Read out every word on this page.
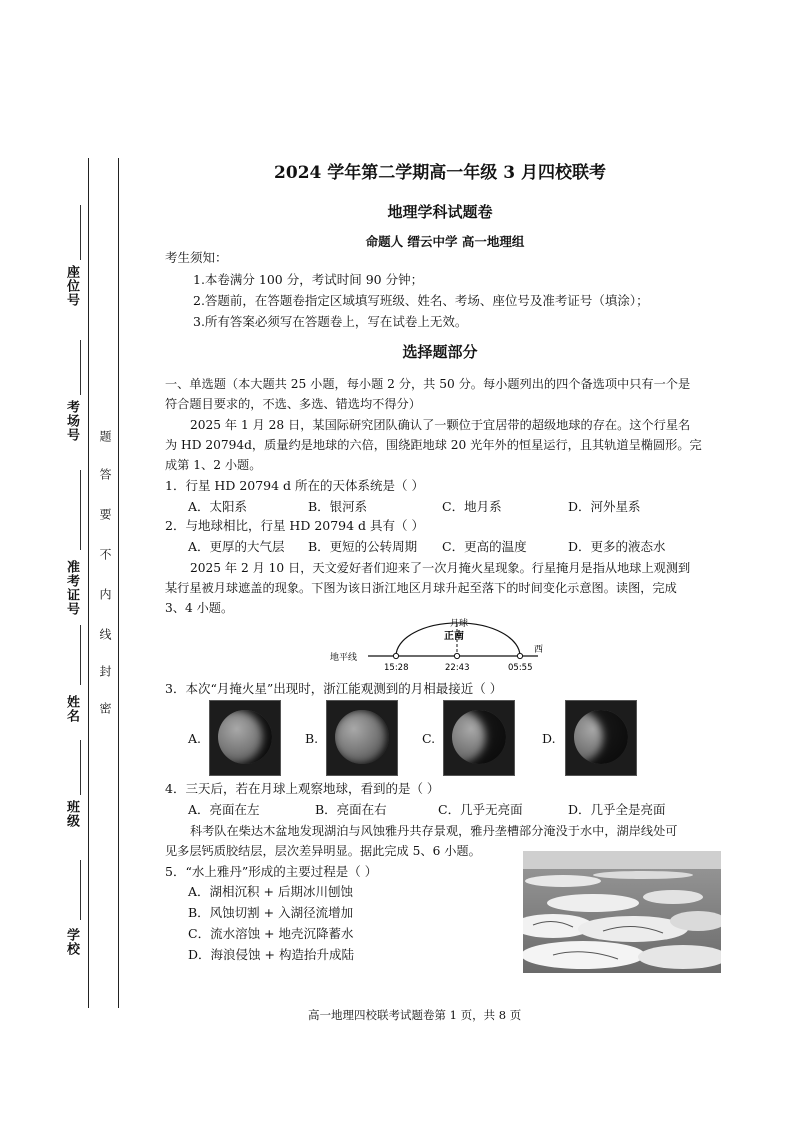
座位号
考场号
准考证号
姓名
班级
学校
题
答
要
不
内
线
封
密
2024 学年第二学期高一年级 3 月四校联考
地理学科试题卷
命题人 缙云中学 高一地理组
考生须知：
1.本卷满分 100 分，考试时间 90 分钟；
2.答题前，在答题卷指定区域填写班级、姓名、考场、座位号及准考证号（填涂）；
3.所有答案必须写在答题卷上，写在试卷上无效。
选择题部分
一、单选题（本大题共 25 小题，每小题 2 分，共 50 分。每小题列出的四个备选项中只有一个是
符合题目要求的，不选、多选、错选均不得分）
2025 年 1 月 28 日，某国际研究团队确认了一颗位于宜居带的超级地球的存在。这个行星名
为 HD 20794d，质量约是地球的六倍，围绕距地球 20 光年外的恒星运行，且其轨道呈椭圆形。完
成第 1、2 小题。
1．行星 HD 20794 d 所在的天体系统是（ ）
A．太阳系	B．银河系	C．地月系	D．河外星系
2．与地球相比，行星 HD 20794 d 具有（ ）
A．更厚的大气层 B．更短的公转周期 C．更高的温度	D．更多的液态水
2025 年 2 月 10 日，天文爱好者们迎来了一次月掩火星现象。行星掩月是指从地球上观测到
某行星被月球遮盖的现象。下图为该日浙江地区月球升起至落下的时间变化示意图。读图，完成
3、4 小题。
月球
正南
地平线
西
15:28	22:43	05:55
3．本次“月掩火星”出现时，浙江能观测到的月相最接近（ ）
A.	B.	C.	D.
4．三天后，若在月球上观察地球，看到的是（ ）
A．亮面在左	B．亮面在右	C．几乎无亮面	D．几乎全是亮面
科考队在柴达木盆地发现湖泊与风蚀雅丹共存景观，雅丹垄槽部分淹没于水中，湖岸线处可
见多层钙质胶结层，层次差异明显。据此完成 5、6 小题。
5．“水上雅丹”形成的主要过程是（ ）
A．湖相沉积 + 后期冰川刨蚀
B．风蚀切割 + 入湖径流增加
C．流水溶蚀 + 地壳沉降蓄水
D．海浪侵蚀 + 构造抬升成陆
高一地理四校联考试题卷第 1 页，共 8 页
